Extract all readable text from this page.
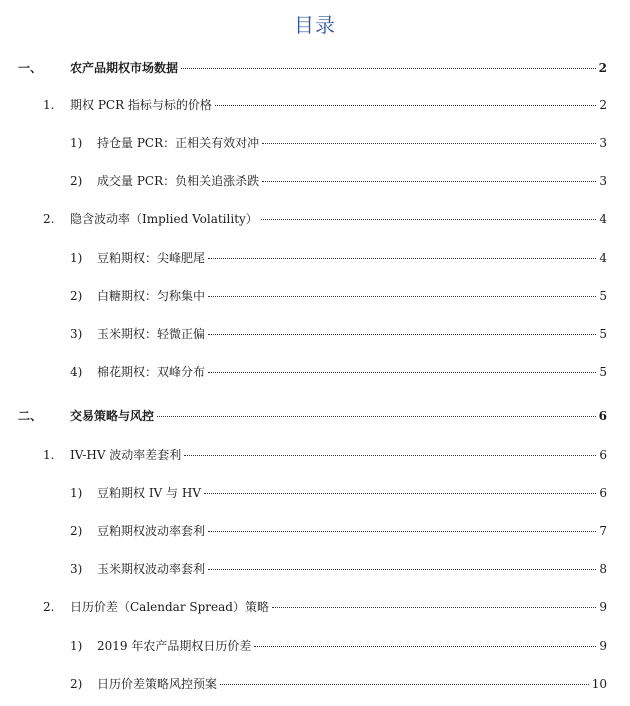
目录
一、	农产品期权市场数据	2
1.	期权 PCR 指标与标的价格	2
1)	持仓量 PCR：正相关有效对冲	3
2)	成交量 PCR：负相关追涨杀跌	3
2.	隐含波动率（Implied Volatility）	4
1)	豆粕期权：尖峰肥尾	4
2)	白糖期权：匀称集中	5
3)	玉米期权：轻微正偏	5
4)	棉花期权：双峰分布	5
二、	交易策略与风控	6
1.	IV-HV 波动率差套利	6
1)	豆粕期权 IV 与 HV	6
2)	豆粕期权波动率套利	7
3)	玉米期权波动率套利	8
2.	日历价差（Calendar Spread）策略	9
1)	2019 年农产品期权日历价差	9
2)	日历价差策略风控预案	10
